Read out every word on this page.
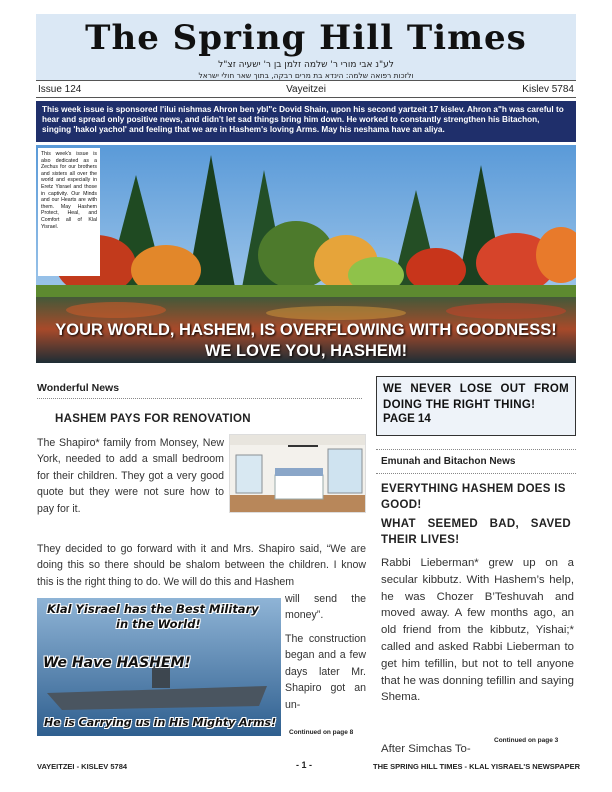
The Spring Hill Times
לע"נ אבי מורי ר' שלמה זלמן בן ר' ישעיה זצ"ל
ולזכות רפואה שלמה: הינדא בת מרים רבקה, בתוך שאר חולי ישראל
Issue 124	Vayeitzei	Kislev 5784
This week issue is sponsored l'ilui nishmas Ahron ben ybl"c Dovid Shain, upon his second yartzeit 17 kislev. Ahron a"h was careful to hear and spread only positive news, and didn't let sad things bring him down. He worked to constantly strengthen his Bitachon, singing 'hakol yachol' and feeling that we are in Hashem's loving Arms. May his neshama have an aliya.
YOUR WORLD, HASHEM, IS OVERFLOWING WITH GOODNESS!
WE LOVE YOU, HASHEM!
This week's issue is also dedicated as a Zechus for our brothers and sisters all over the world and especially in Eretz Yisrael and those in captivity. Our Minds and our Hearts are with them. May Hashem Protect, Heal, and Comfort all of Klal Yisrael.
Wonderful News
HASHEM PAYS FOR RENOVATION
The Shapiro* family from Monsey, New York, needed to add a small bedroom for their children. They got a very good quote but they were not sure how to pay for it.
They decided to go forward with it and Mrs. Shapiro said, “We are doing this so there should be shalom between the children. I know this is the right thing to do. We will do this and Hashem
will send the money”.
The construction began and a few days later Mr. Shapiro got an un-
Continued on page 8
Klal Yisrael has the Best Military
in the World!
We Have HASHEM!
He is Carrying us in His Mighty Arms!
WE NEVER LOSE OUT FROM DOING THE RIGHT THING!
PAGE 14
Emunah and Bitachon News
EVERYTHING HASHEM DOES IS GOOD!
WHAT SEEMED BAD, SAVED THEIR LIVES!
Rabbi Lieberman* grew up on a secular kibbutz. With Hashem’s help, he was Chozer B’Teshuvah and moved away. A few months ago, an old friend from the kibbutz, Yishai;* called and asked Rabbi Lieberman to get him tefillin, but not to tell anyone that he was donning tefillin and saying Shema.
After Simchas To-
Continued on page 3
VAYEITZEI - KISLEV 5784	- 1 -	THE SPRING HILL TIMES - KLAL YISRAEL'S NEWSPAPER
